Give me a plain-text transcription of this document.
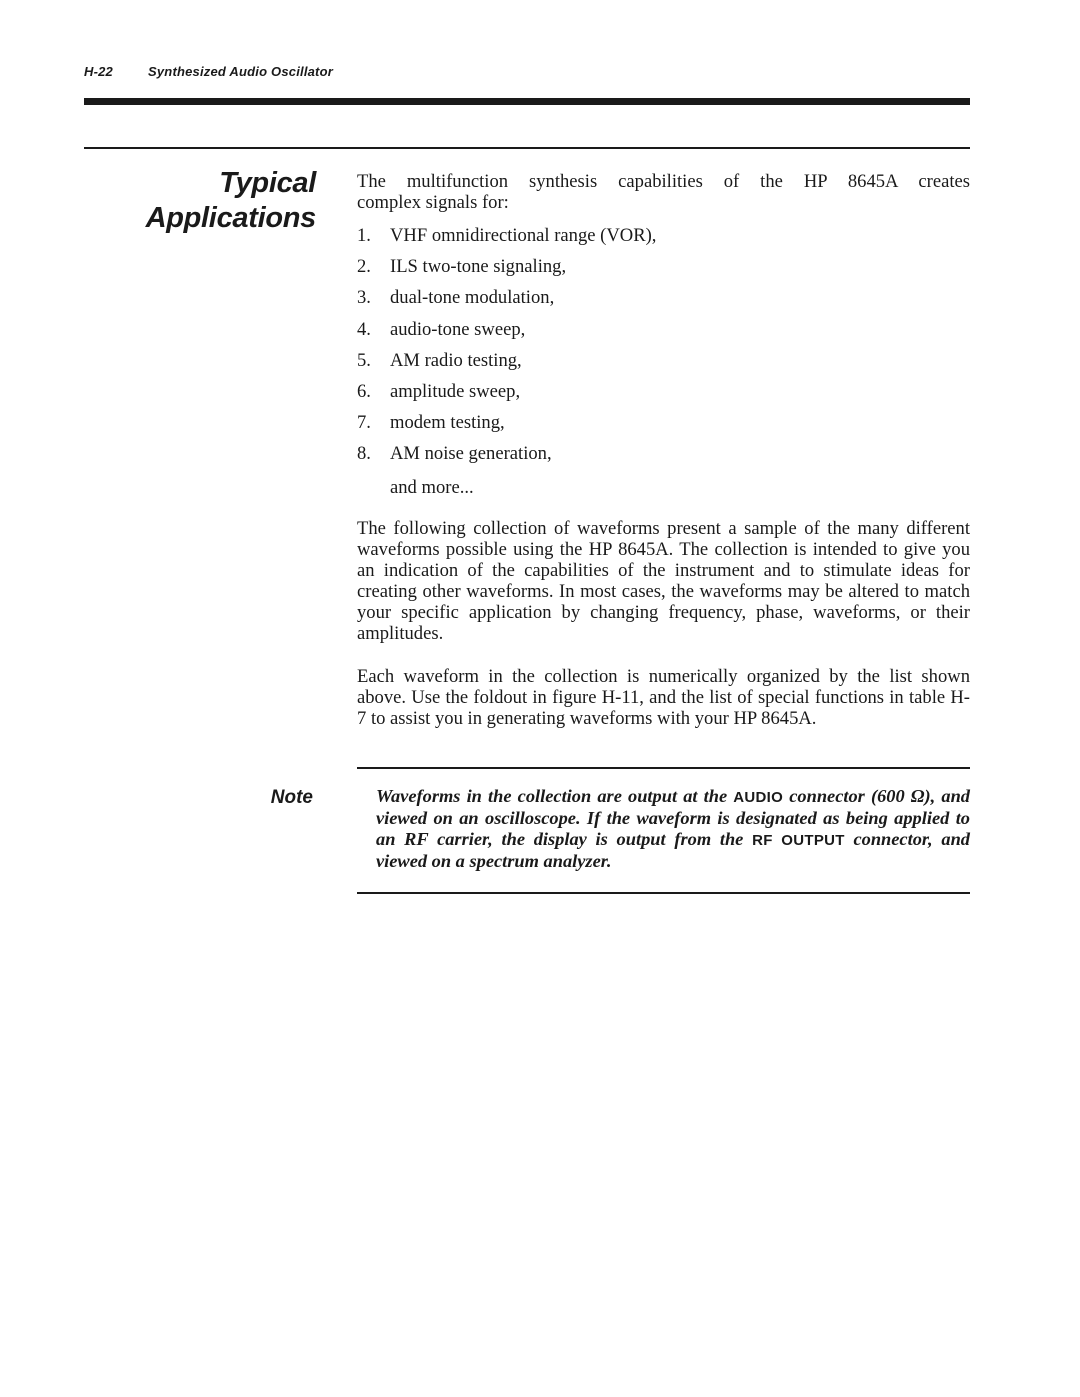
H-22	Synthesized Audio Oscillator
Typical
Applications
The multifunction synthesis capabilities of the HP 8645A creates
complex signals for:
1. VHF omnidirectional range (VOR),
2. ILS two-tone signaling,
3. dual-tone modulation,
4. audio-tone sweep,
5. AM radio testing,
6. amplitude sweep,
7. modem testing,
8. AM noise generation,
and more...

The following collection of waveforms present a sample of the many different waveforms possible using the HP 8645A. The collection is intended to give you an indication of the capabilities of the instrument and to stimulate ideas for creating other waveforms. In most cases, the waveforms may be altered to match your specific application by changing frequency, phase, waveforms, or their amplitudes.

Each waveform in the collection is numerically organized by the list shown above. Use the foldout in figure H-11, and the list of special functions in table H-7 to assist you in generating waveforms with your HP 8645A.

Note	Waveforms in the collection are output at the AUDIO connector (600 Ω), and viewed on an oscilloscope. If the waveform is designated as being applied to an RF carrier, the display is output from the RF OUTPUT connector, and viewed on a spectrum analyzer.
